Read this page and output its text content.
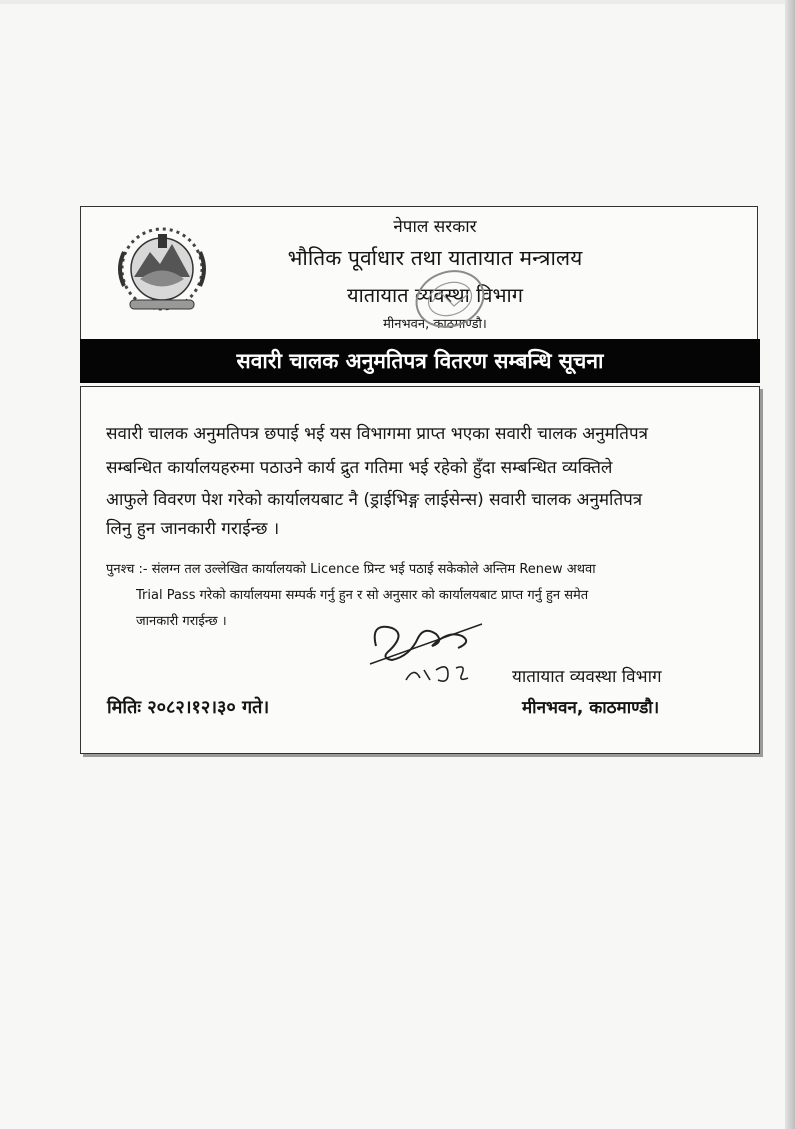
नेपाल सरकार
भौतिक पूर्वाधार तथा यातायात मन्त्रालय
यातायात व्यवस्था विभाग
मीनभवन, काठमाण्डौ।
सवारी चालक अनुमतिपत्र वितरण सम्बन्धि सूचना
सवारी चालक अनुमतिपत्र छपाई भई यस विभागमा प्राप्त भएका सवारी चालक अनुमतिपत्र
सम्बन्धित कार्यालयहरुमा पठाउने कार्य द्रुत गतिमा भई रहेको हुँदा सम्बन्धित व्यक्तिले
आफुले विवरण पेश गरेको कार्यालयबाट नै (ड्राईभिङ्ग लाईसेन्स) सवारी चालक अनुमतिपत्र
लिनु हुन जानकारी गराईन्छ ।
पुनश्च :- संलग्न तल उल्लेखित कार्यालयको Licence प्रिन्ट भई पठाई सकेकोले अन्तिम Renew अथवा
Trial Pass गरेको कार्यालयमा सम्पर्क गर्नु हुन र सो अनुसार को कार्यालयबाट प्राप्त गर्नु हुन समेत
जानकारी गराईन्छ ।
यातायात व्यवस्था विभाग
मीनभवन, काठमाण्डौ।
मितिः २०८२।१२।३० गते।
